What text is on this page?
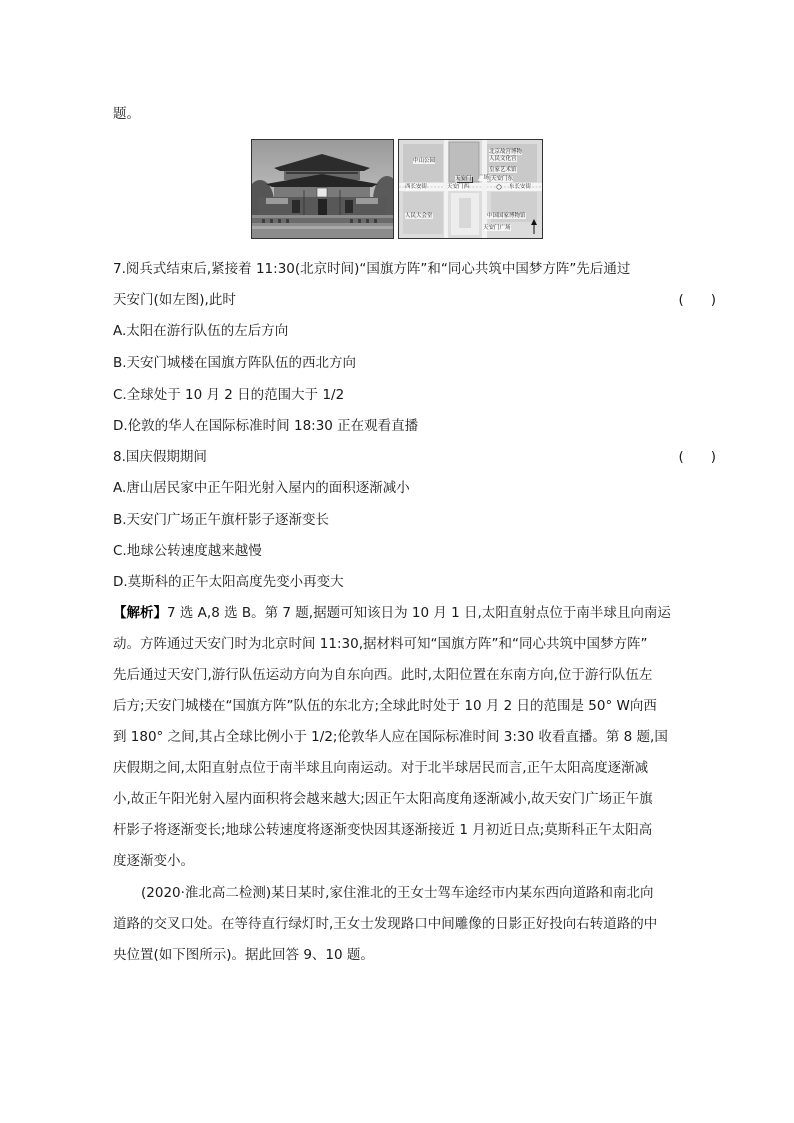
题。
中山公园
北京故宫博物
人民文化宫
天安门 广场
皇家艺术馆
西长安街	天安门西
天安门东
东长安街
人民大会堂	中国国家博物馆
天安门广场
7.阅兵式结束后,紧接着 11:30(北京时间)“国旗方阵”和“同心共筑中国梦方阵”先后通过
天安门(如左图),此时	(　　)
A.太阳在游行队伍的左后方向
B.天安门城楼在国旗方阵队伍的西北方向
C.全球处于 10 月 2 日的范围大于 1/2
D.伦敦的华人在国际标准时间 18:30 正在观看直播
8.国庆假期期间	(　　)
A.唐山居民家中正午阳光射入屋内的面积逐渐减小
B.天安门广场正午旗杆影子逐渐变长
C.地球公转速度越来越慢
D.莫斯科的正午太阳高度先变小再变大
【解析】7 选 A,8 选 B。第 7 题,据题可知该日为 10 月 1 日,太阳直射点位于南半球且向南运
动。方阵通过天安门时为北京时间 11:30,据材料可知“国旗方阵”和“同心共筑中国梦方阵”
先后通过天安门,游行队伍运动方向为自东向西。此时,太阳位置在东南方向,位于游行队伍左
后方;天安门城楼在“国旗方阵”队伍的东北方;全球此时处于 10 月 2 日的范围是 50° W向西
到 180° 之间,其占全球比例小于 1/2;伦敦华人应在国际标准时间 3:30 收看直播。第 8 题,国
庆假期之间,太阳直射点位于南半球且向南运动。对于北半球居民而言,正午太阳高度逐渐减
小,故正午阳光射入屋内面积将会越来越大;因正午太阳高度角逐渐减小,故天安门广场正午旗
杆影子将逐渐变长;地球公转速度将逐渐变快因其逐渐接近 1 月初近日点;莫斯科正午太阳高
度逐渐变小。
(2020·淮北高二检测)某日某时,家住淮北的王女士驾车途经市内某东西向道路和南北向
道路的交叉口处。在等待直行绿灯时,王女士发现路口中间雕像的日影正好投向右转道路的中
央位置(如下图所示)。据此回答 9、10 题。
